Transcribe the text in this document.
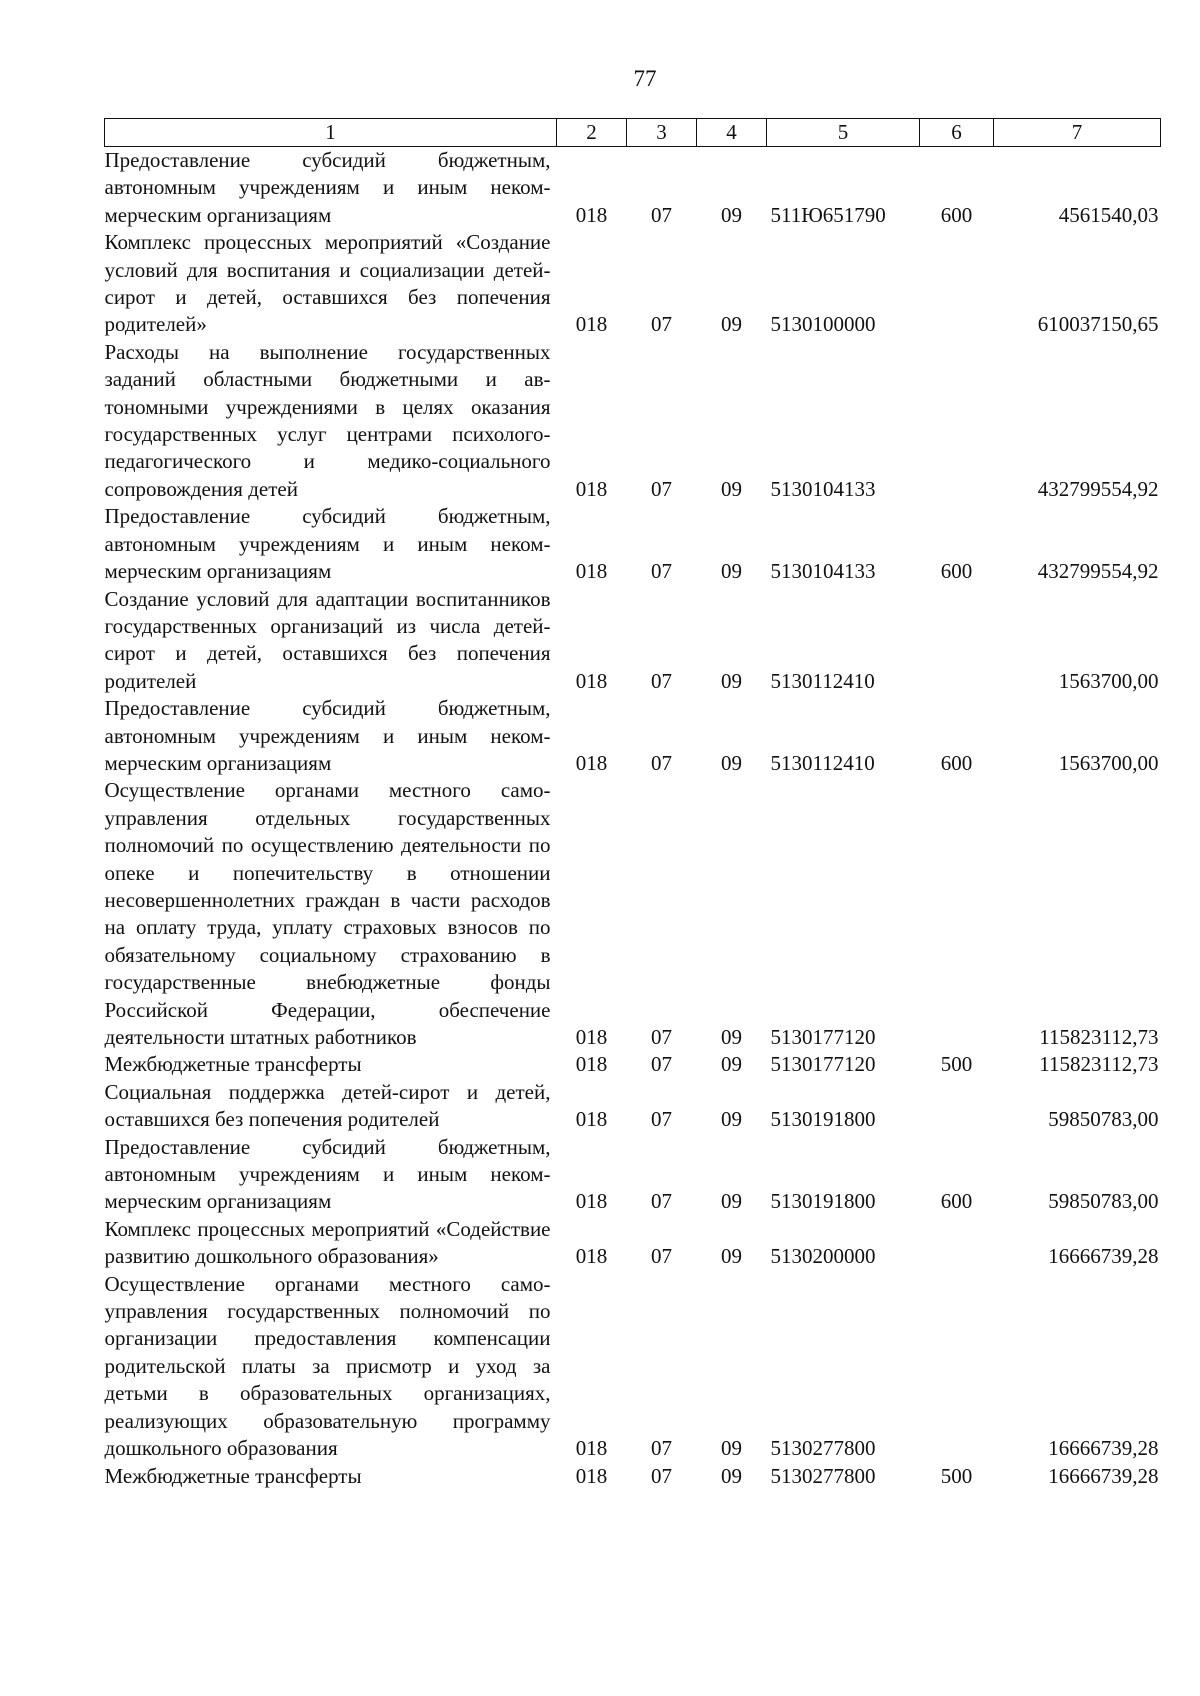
77
1	2	3	4	5	6	7
Предоставление субсидий бюджетным, автономным учреждениям и иным некоммерческим организациям	018	07	09	511Ю651790	600	4561540,03
Комплекс процессных мероприятий «Создание условий для воспитания и социализации детей-сирот и детей, оставшихся без попечения родителей»	018	07	09	5130100000		610037150,65
Расходы на выполнение государственных заданий областными бюджетными и автономными учреждениями в целях оказания государственных услуг центрами психолого-педагогического и медико-социального сопровождения детей	018	07	09	5130104133		432799554,92
Предоставление субсидий бюджетным, автономным учреждениям и иным некоммерческим организациям	018	07	09	5130104133	600	432799554,92
Создание условий для адаптации воспитанников государственных организаций из числа детей-сирот и детей, оставшихся без попечения родителей	018	07	09	5130112410		1563700,00
Предоставление субсидий бюджетным, автономным учреждениям и иным некоммерческим организациям	018	07	09	5130112410	600	1563700,00
Осуществление органами местного самоуправления отдельных государственных полномочий по осуществлению деятельности по опеке и попечительству в отношении несовершеннолетних граждан в части расходов на оплату труда, уплату страховых взносов по обязательному социальному страхованию в государственные внебюджетные фонды Российской Федерации, обеспечение деятельности штатных работников	018	07	09	5130177120		115823112,73
Межбюджетные трансферты	018	07	09	5130177120	500	115823112,73
Социальная поддержка детей-сирот и детей, оставшихся без попечения родителей	018	07	09	5130191800		59850783,00
Предоставление субсидий бюджетным, автономным учреждениям и иным некоммерческим организациям	018	07	09	5130191800	600	59850783,00
Комплекс процессных мероприятий «Содействие развитию дошкольного образования»	018	07	09	5130200000		16666739,28
Осуществление органами местного самоуправления государственных полномочий по организации предоставления компенсации родительской платы за присмотр и уход за детьми в образовательных организациях, реализующих образовательную программу дошкольного образования	018	07	09	5130277800		16666739,28
Межбюджетные трансферты	018	07	09	5130277800	500	16666739,28
